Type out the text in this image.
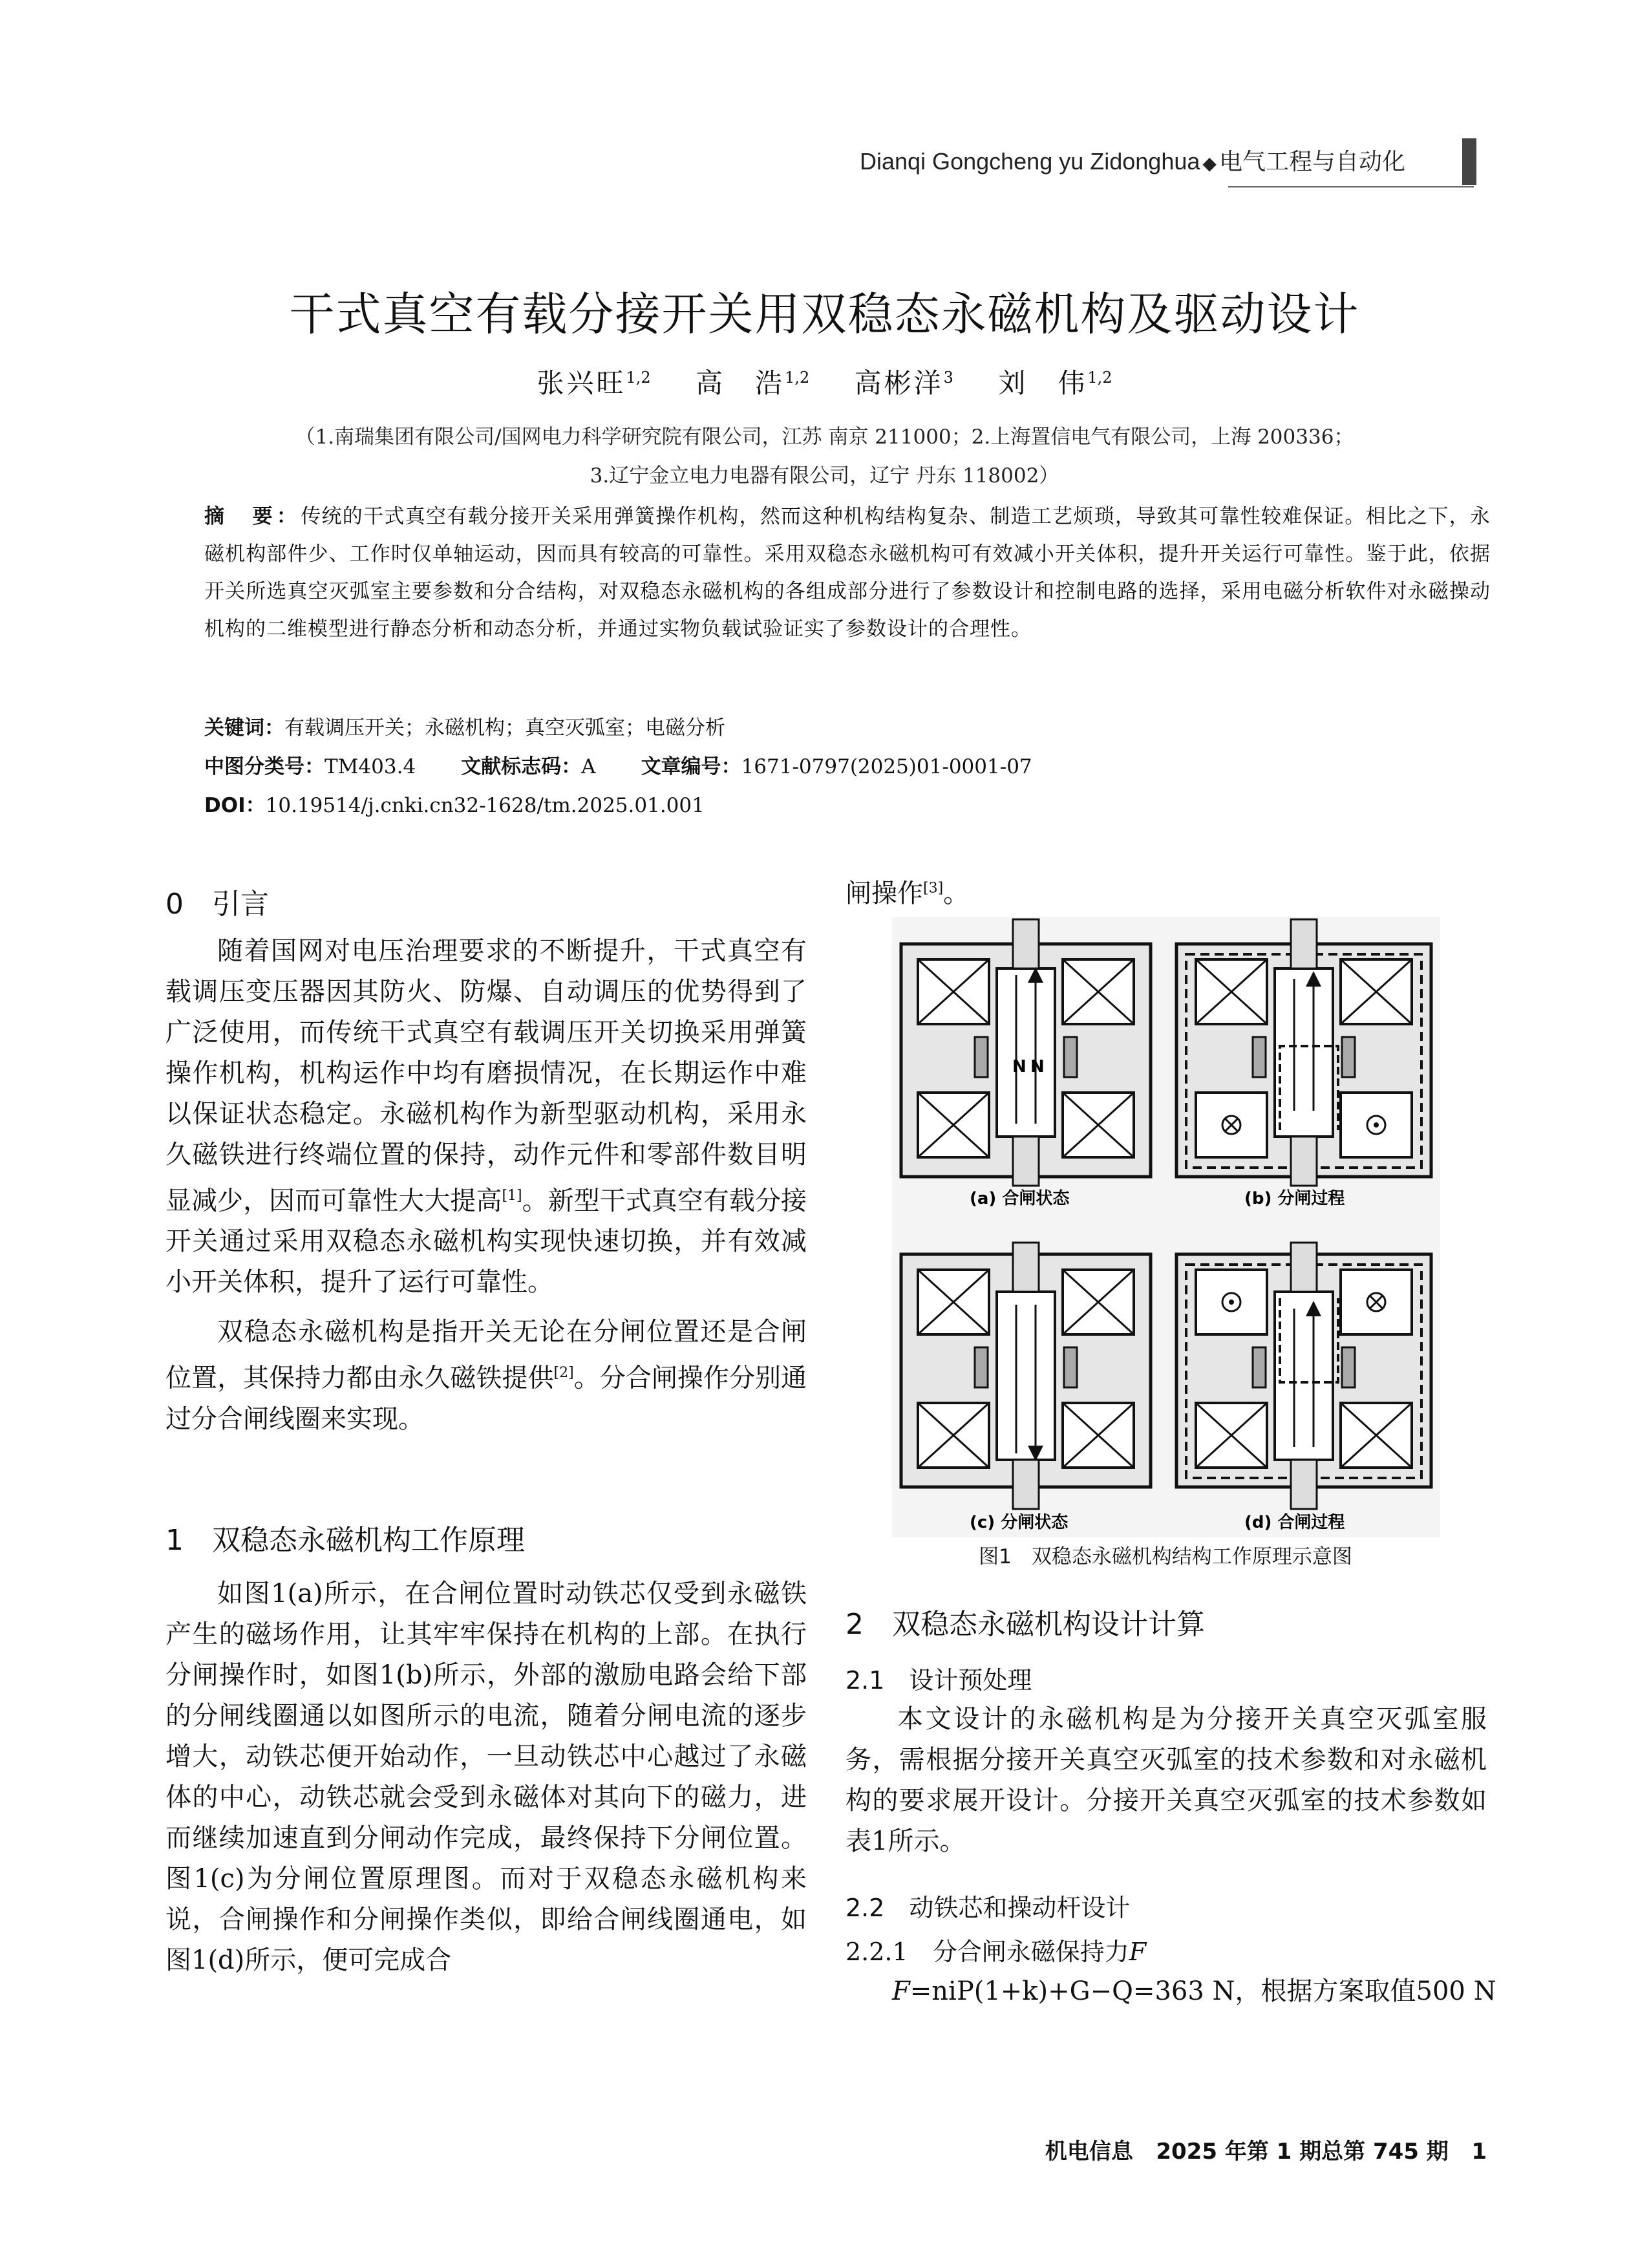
Dianqi Gongcheng yu Zidonghua ◆ 电气工程与自动化
干式真空有载分接开关用双稳态永磁机构及驱动设计
张兴旺$^{1,2}$ 高　浩$^{1,2}$ 高彬洋$^3$ 刘　伟$^{1,2}$
（1.南瑞集团有限公司/国网电力科学研究院有限公司，江苏 南京 211000；2.上海置信电气有限公司，上海 200336；
3.辽宁金立电力电器有限公司，辽宁 丹东 118002）
摘　要：传统的干式真空有载分接开关采用弹簧操作机构，然而这种机构结构复杂、制造工艺烦琐，导致其可靠性较难保证。相比之下，永磁机构部件少、工作时仅单轴运动，因而具有较高的可靠性。采用双稳态永磁机构可有效减小开关体积，提升开关运行可靠性。鉴于此，依据开关所选真空灭弧室主要参数和分合结构，对双稳态永磁机构的各组成部分进行了参数设计和控制电路的选择，采用电磁分析软件对永磁操动机构的二维模型进行静态分析和动态分析，并通过实物负载试验证实了参数设计的合理性。
关键词：有载调压开关；永磁机构；真空灭弧室；电磁分析
中图分类号：TM403.4 文献标志码：A 文章编号：1671-0797(2025)01-0001-07
DOI：10.19514/j.cnki.cn32-1628/tm.2025.01.001
0　引言

随着国网对电压治理要求的不断提升，干式真空有载调压变压器因其防火、防爆、自动调压的优势得到了广泛使用，而传统干式真空有载调压开关切换采用弹簧操作机构，机构运作中均有磨损情况，在长期运作中难以保证状态稳定。永磁机构作为新型驱动机构，采用永久磁铁进行终端位置的保持，动作元件和零部件数目明显减少，因而可靠性大大提高[1]。新型干式真空有载分接开关通过采用双稳态永磁机构实现快速切换，并有效减小开关体积，提升了运行可靠性。

双稳态永磁机构是指开关无论在分闸位置还是合闸位置，其保持力都由永久磁铁提供[2]。分合闸操作分别通过分合闸线圈来实现。

1　双稳态永磁机构工作原理

如图1(a)所示，在合闸位置时动铁芯仅受到永磁铁产生的磁场作用，让其牢牢保持在机构的上部。在执行分闸操作时，如图1(b)所示，外部的激励电路会给下部的分闸线圈通以如图所示的电流，随着分闸电流的逐步增大，动铁芯便开始动作，一旦动铁芯中心越过了永磁体的中心，动铁芯就会受到永磁体对其向下的磁力，进而继续加速直到分闸动作完成，最终保持下分闸位置。图1(c)为分闸位置原理图。而对于双稳态永磁机构来说，合闸操作和分闸操作类似，即给合闸线圈通电，如图1(d)所示，便可完成合

闸操作[3]。
N N
(a) 合闸状态	(b) 分闸过程
(c) 分闸状态	(d) 合闸过程
图1　双稳态永磁机构结构工作原理示意图
2　双稳态永磁机构设计计算
2.1　设计预处理

本文设计的永磁机构是为分接开关真空灭弧室服务，需根据分接开关真空灭弧室的技术参数和对永磁机构的要求展开设计。分接开关真空灭弧室的技术参数如表1所示。

2.2　动铁芯和操动杆设计
2.2.1　分合闸永磁保持力F
F=niP(1+k)+G−Q=363 N，根据方案取值500 N
机电信息 2025 年第 1 期总第 745 期 1
